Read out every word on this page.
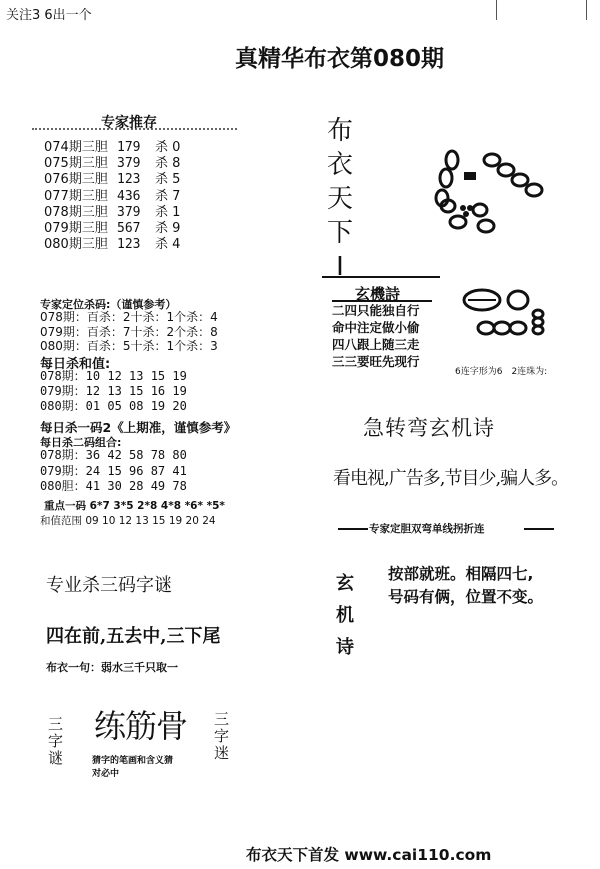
关注3 6出一个
真精华布衣第080期
专家推存
074期三胆 179	杀 0
075期三胆 379	杀 8
076期三胆 123	杀 5
077期三胆 436	杀 7
078期三胆 379	杀 1
079期三胆 567	杀 9
080期三胆 123	杀 4
专家定位杀码:（谨慎参考）
078期：百杀：2十杀：1个杀：4
079期：百杀：7十杀：2个杀：8
080期：百杀：5十杀：1个杀：3
每日杀和值:
078期：10 12 13 15 19
079期：12 13 15 16 19
080期：01 05 08 19 20
每日杀一码2《上期准，谨慎参考》
每日杀二码组合:
078期：36 42 58 78 80
079期：24 15 96 87 41
080胆：41 30 28 49 78
重点一码 6*7 3*5 2*8 4*8 *6* *5*
和值范围 09 10 12 13 15 19 20 24
专业杀三码字谜
四在前,五去中,三下尾
布衣一句：弱水三千只取一
三字谜
练筋骨 三字迷
猜字的笔画和含义猜
对必中
布
衣
天
下
I
玄機詩
二四只能独自行
命中注定做小偷
四八跟上随三走
三三要旺先现行
6连字形为6　2连珠为:
急转弯玄机诗
看电视,广告多,节目少,骗人多。
专家定胆双弯单线拐折连
玄
机
诗
按部就班。相隔四七,
号码有俩，位置不变。
布衣天下首发 www.cai110.com
